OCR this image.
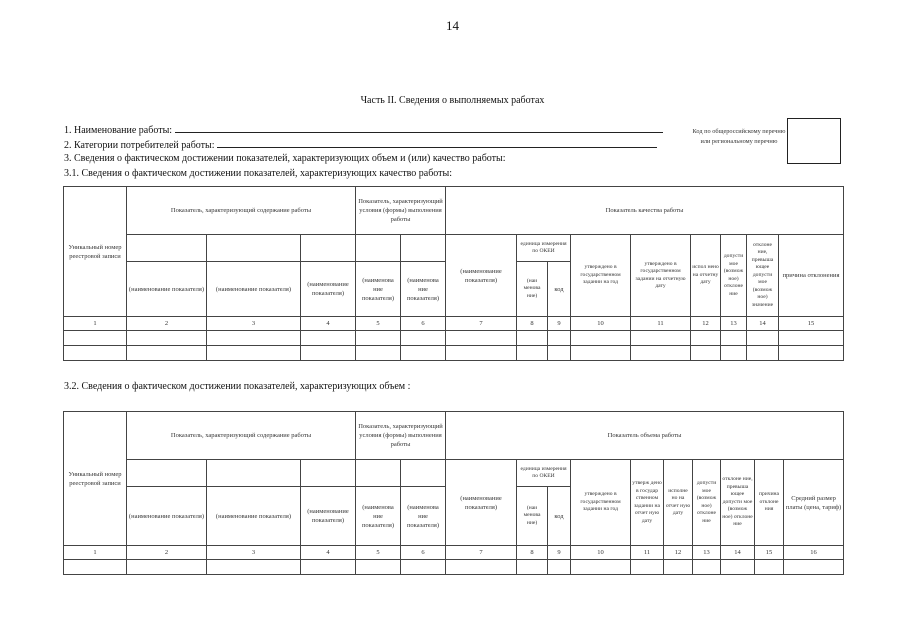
14
Часть II. Сведения о выполняемых работах
1. Наименование работы:
2. Категории потребителей работы:
3. Сведения о фактическом достижении показателей, характеризующих объем и (или) качество работы:
3.1. Сведения о фактическом достижении показателей, характеризующих качество работы:
Код по общероссийскому перечню или региональному перечню
Уникальный номер реестровой записи	Показатель, характеризующий содержание работы			Показатель, характеризующий условия (формы) выполнения работы		Показатель качества работы								
						(наименование показателя)	единица измерения по ОКЕИ		утверждено в государственном задании на год	утверждено в государственном задании на отчетную дату	испол нено на отчетну дату	допусти мое (возмож ное) отклоне ние	отклоне ние, превыша ющее допусти мое (возмож ное) значение	причина отклонения
	(наименование показателя)	(наименование показателя)	(наименование показателя)	(наименова ние показателя)	(наименова ние показателя)		(наи менова ние)	код						
1	2	3	4	5	6	7	8	9	10	11	12	13	14	15

3.2. Сведения о фактическом достижении показателей, характеризующих объем :
Уникальный номер реестровой записи	Показатель, характеризующий содержание работы			Показатель, характеризующий условия (формы) выполнения работы		Показатель объема работы									
						(наименование показателя)	единица измерения по ОКЕИ		утверждено в государственном задании на год	утверж дено в государ ственном задании на отчет ную дату	исполне но на отчет ную дату	допусти мое (возмож ное) отклоне ние	отклоне ние, превыша ющее допусти мое (возмож ное) отклоне ние	причина отклоне ния	Средний размер платы (цена, тариф)
	(наименование показателя)	(наименование показателя)	(наименование показателя)	(наименова ние показателя)	(наименова ние показателя)		(наи менова ние)	код							
1	2	3	4	5	6	7	8	9	10	11	12	13	14	15	16
